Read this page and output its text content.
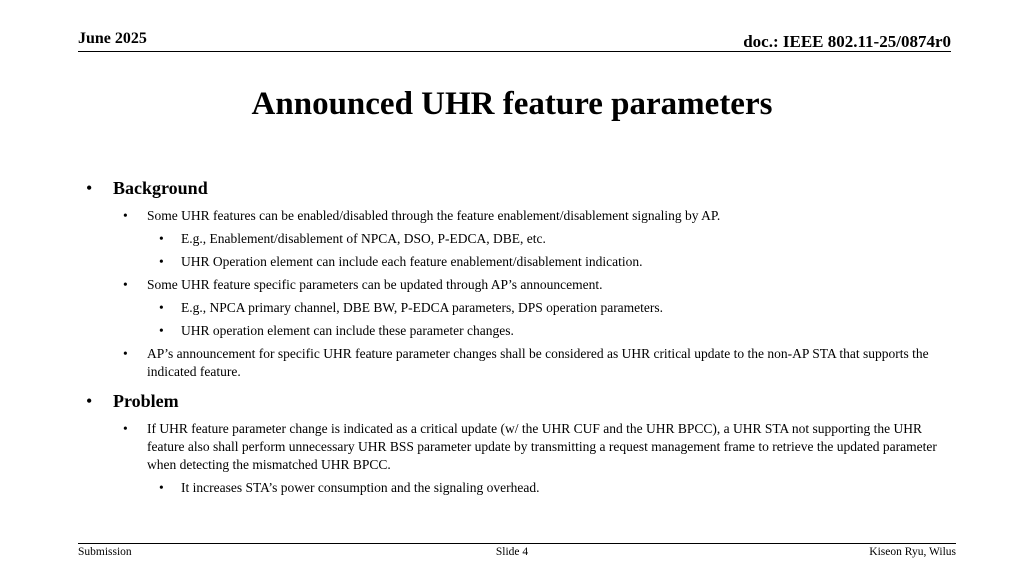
June 2025	doc.: IEEE 802.11-25/0874r0
Announced UHR feature parameters
• Background
• Some UHR features can be enabled/disabled through the feature enablement/disablement signaling by AP.
• E.g., Enablement/disablement of NPCA, DSO, P-EDCA, DBE, etc.
• UHR Operation element can include each feature enablement/disablement indication.
• Some UHR feature specific parameters can be updated through AP’s announcement.
• E.g., NPCA primary channel, DBE BW, P-EDCA parameters, DPS operation parameters.
• UHR operation element can include these parameter changes.
• AP’s announcement for specific UHR feature parameter changes shall be considered as UHR critical update to the non-AP STA that supports the indicated feature.
• Problem
• If UHR feature parameter change is indicated as a critical update (w/ the UHR CUF and the UHR BPCC), a UHR STA not supporting the UHR feature also shall perform unnecessary UHR BSS parameter update by transmitting a request management frame to retrieve the updated parameter when detecting the mismatched UHR BPCC.
• It increases STA’s power consumption and the signaling overhead.
Submission	Slide 4	Kiseon Ryu, Wilus
